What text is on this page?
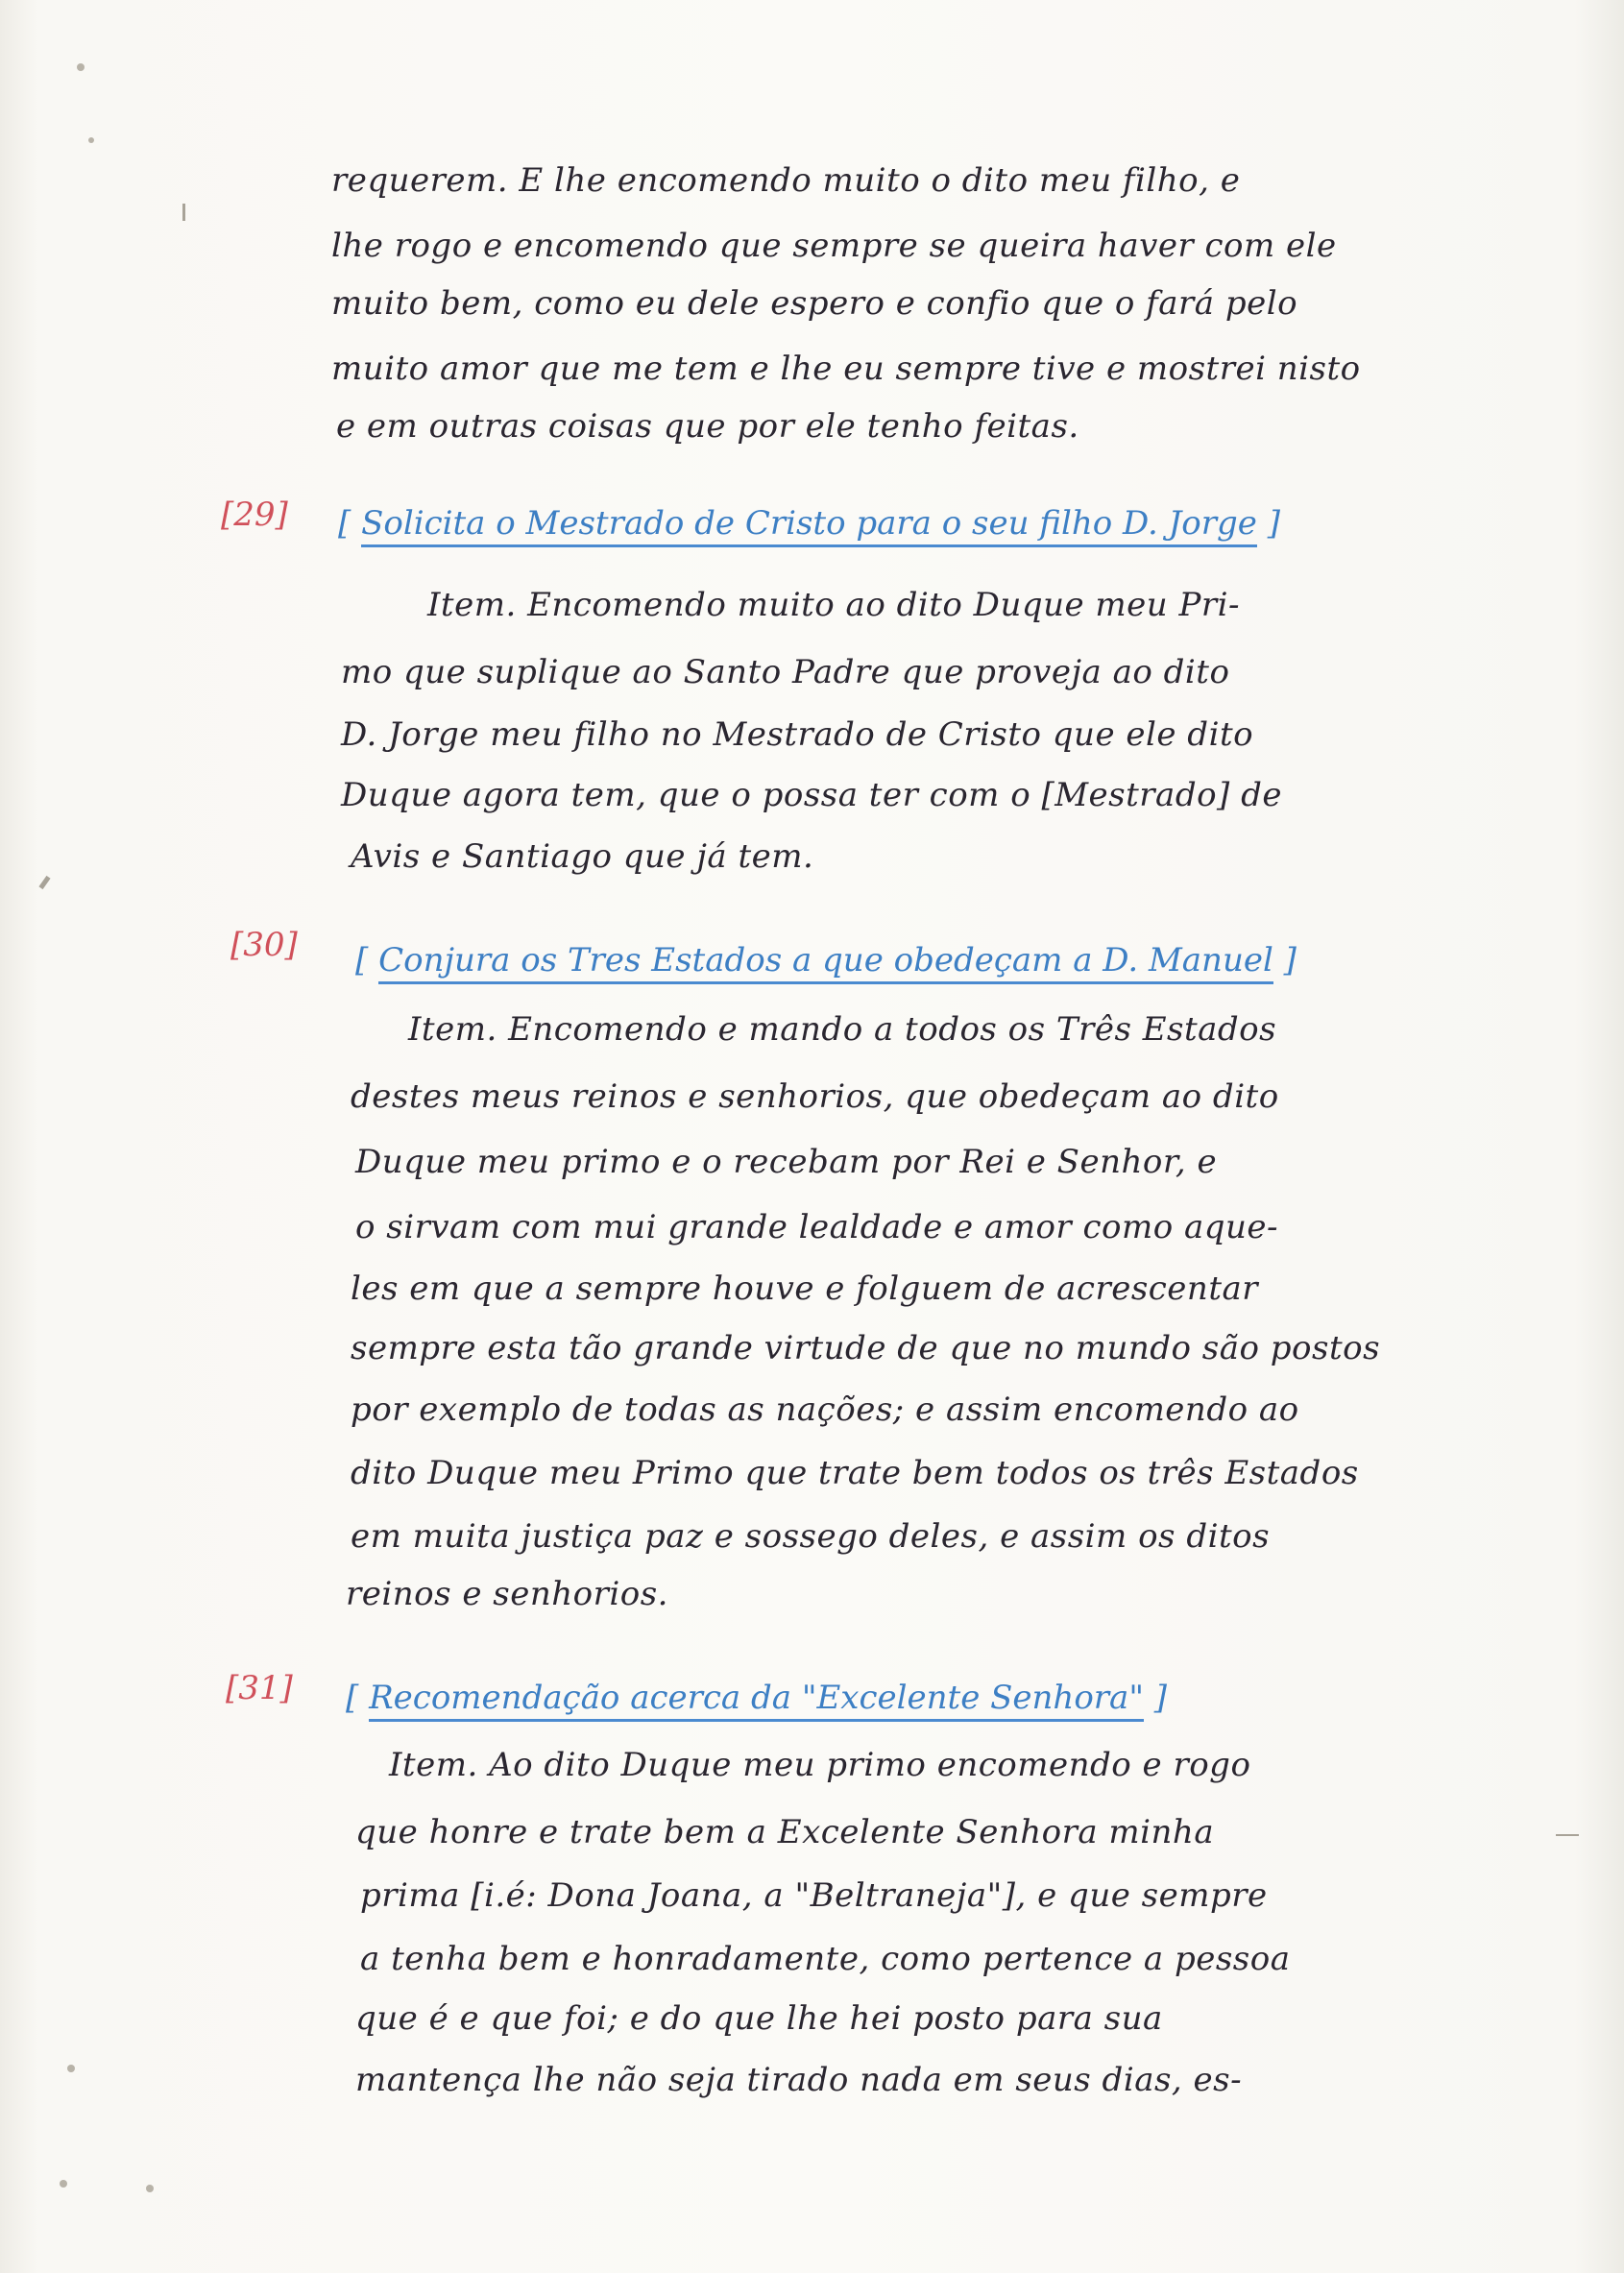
requerem. E lhe encomendo muito o dito meu filho, e
lhe rogo e encomendo que sempre se queira haver com ele
muito bem, como eu dele espero e confio que o fará pelo
muito amor que me tem e lhe eu sempre tive e mostrei nisto
e em outras coisas que por ele tenho feitas.
[29] [ Solicita o Mestrado de Cristo para o seu filho D. Jorge ]
Item. Encomendo muito ao dito Duque meu Pri-
mo que suplique ao Santo Padre que proveja ao dito
D. Jorge meu filho no Mestrado de Cristo que ele dito
Duque agora tem, que o possa ter com o [Mestrado] de
Avis e Santiago que já tem.
[30] [ Conjura os Tres Estados a que obedeçam a D. Manuel ]
Item. Encomendo e mando a todos os Três Estados
destes meus reinos e senhorios, que obedeçam ao dito
Duque meu primo e o recebam por Rei e Senhor, e
o sirvam com mui grande lealdade e amor como aque-
les em que a sempre houve e folguem de acrescentar
sempre esta tão grande virtude de que no mundo são postos
por exemplo de todas as nações; e assim encomendo ao
dito Duque meu Primo que trate bem todos os três Estados
em muita justiça paz e sossego deles, e assim os ditos
reinos e senhorios.
[31] [ Recomendação acerca da "Excelente Senhora" ]
Item. Ao dito Duque meu primo encomendo e rogo
que honre e trate bem a Excelente Senhora minha
prima [i.é: Dona Joana, a "Beltraneja"], e que sempre
a tenha bem e honradamente, como pertence a pessoa
que é e que foi; e do que lhe hei posto para sua
mantença lhe não seja tirado nada em seus dias, es-
